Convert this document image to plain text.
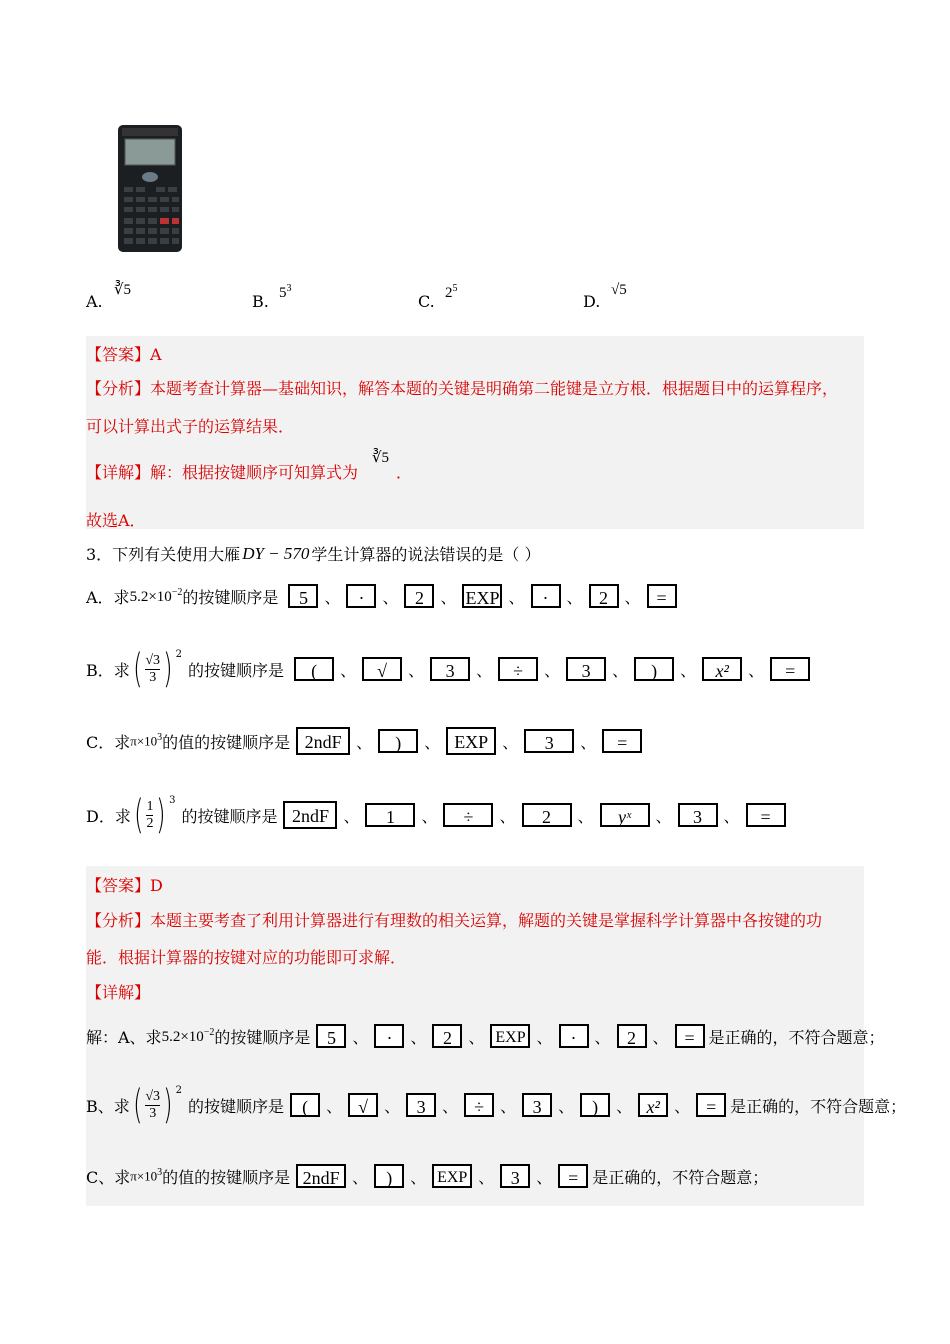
A.
∛5
B. $5^3$
C. $2^5$
D.
√5
【答案】A
【分析】本题考查计算器—基础知识，解答本题的关键是明确第二能键是立方根．根据题目中的运算程序，
可以计算出式子的运算结果．
【详解】解：根据按键顺序可知算式为
∛5
．
故选A．
3．下列有关使用大雁 DY − 570 学生计算器的说法错误的是（ ）
A．求 $5.2\times 10^{-2}$ 的按键顺序是	5	、	·	、 2	、 EXP 、	·	、 2	、 =
B．求 ( $\frac{√3}{3}$ ) 2
的按键顺序是	(	、	√	、	3	、	÷	、	3	、	)	、	x²	、	=
C．求 $\pi\times 10^3$ 的值的按键顺序是 2ndF 、	)	、 EXP 、	3	、	=
D．求 ( $\frac{1}{2}$ ) 3
的按键顺序是 2ndF 、	1	、	÷	、	2	、	yˣ	、	3	、	=
【答案】D
【分析】本题主要考查了利用计算器进行有理数的相关运算，解题的关键是掌握科学计算器中各按键的功
能．根据计算器的按键对应的功能即可求解．
【详解】
解：A、求 $5.2\times 10^{-2}$ 的按键顺序是 5	、	·	、 2	、 EXP 、	·	、 2	、 = 是正确的，不符合题意；
B、求 ( $\frac{√3}{3}$ ) 2
的按键顺序是	(	、 √	、 3	、 ÷	、 3	、	)	、 x² 、 = 是正确的，不符合题意；
C、求 $\pi\times 10^3$ 的值的按键顺序是 2ndF 、	)	、 EXP 、 3	、 = 是正确的，不符合题意；
